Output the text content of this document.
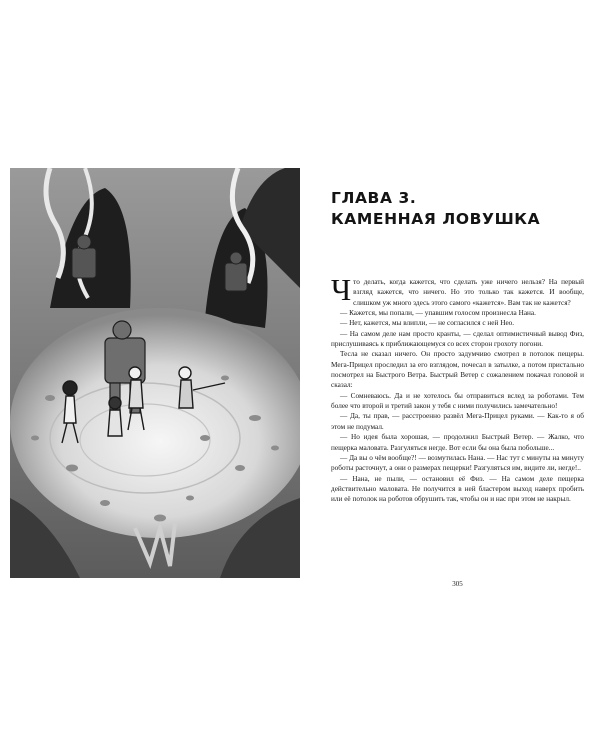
ГЛАВА 3.
КАМЕННАЯ ЛОВУШКА

Что делать, когда кажется, что сделать уже ничего нельзя? На первый взгляд кажется, что ничего. Но это только так кажется. И вообще, слишком уж много здесь этого самого «кажется». Вам так не кажется?

— Кажется, мы попали, — упавшим голосом произнесла Нана.

— Нет, кажется, мы влипли, — не согласился с ней Нео.

— На самом деле нам просто кранты, — сделал оптимистичный вывод Физ, прислушиваясь к приближающемуся со всех сторон грохоту погони.

Тесла не сказал ничего. Он просто задумчиво смотрел в потолок пещеры. Мега-Прицел проследил за его взглядом, почесал в затылке, а потом пристально посмотрел на Быстрого Ветра. Быстрый Ветер с сожалением покачал головой и сказал:

— Сомневаюсь. Да и не хотелось бы отправиться вслед за роботами. Тем более что второй и третий закон у тебя с ними получились замечательно!

— Да, ты прав, — расстроенно развёл Мега-Прицел руками. — Как-то я об этом не подумал.

— Но идея была хорошая, — продолжил Быстрый Ветер. — Жалко, что пещерка маловата. Разгуляться негде. Вот если бы она была побольше...

— Да вы о чём вообще?! — возмутилась Нана. — Нас тут с минуты на минуту роботы расточнут, а они о размерах пещерки! Разгуляться им, видите ли, негде!..

— Нана, не пыли, — остановил её Физ. — На самом деле пещерка действительно маловата. Не получится в ней бластером выход наверх пробить или её потолок на роботов обрушить так, чтобы он и нас при этом не накрыл.

305
